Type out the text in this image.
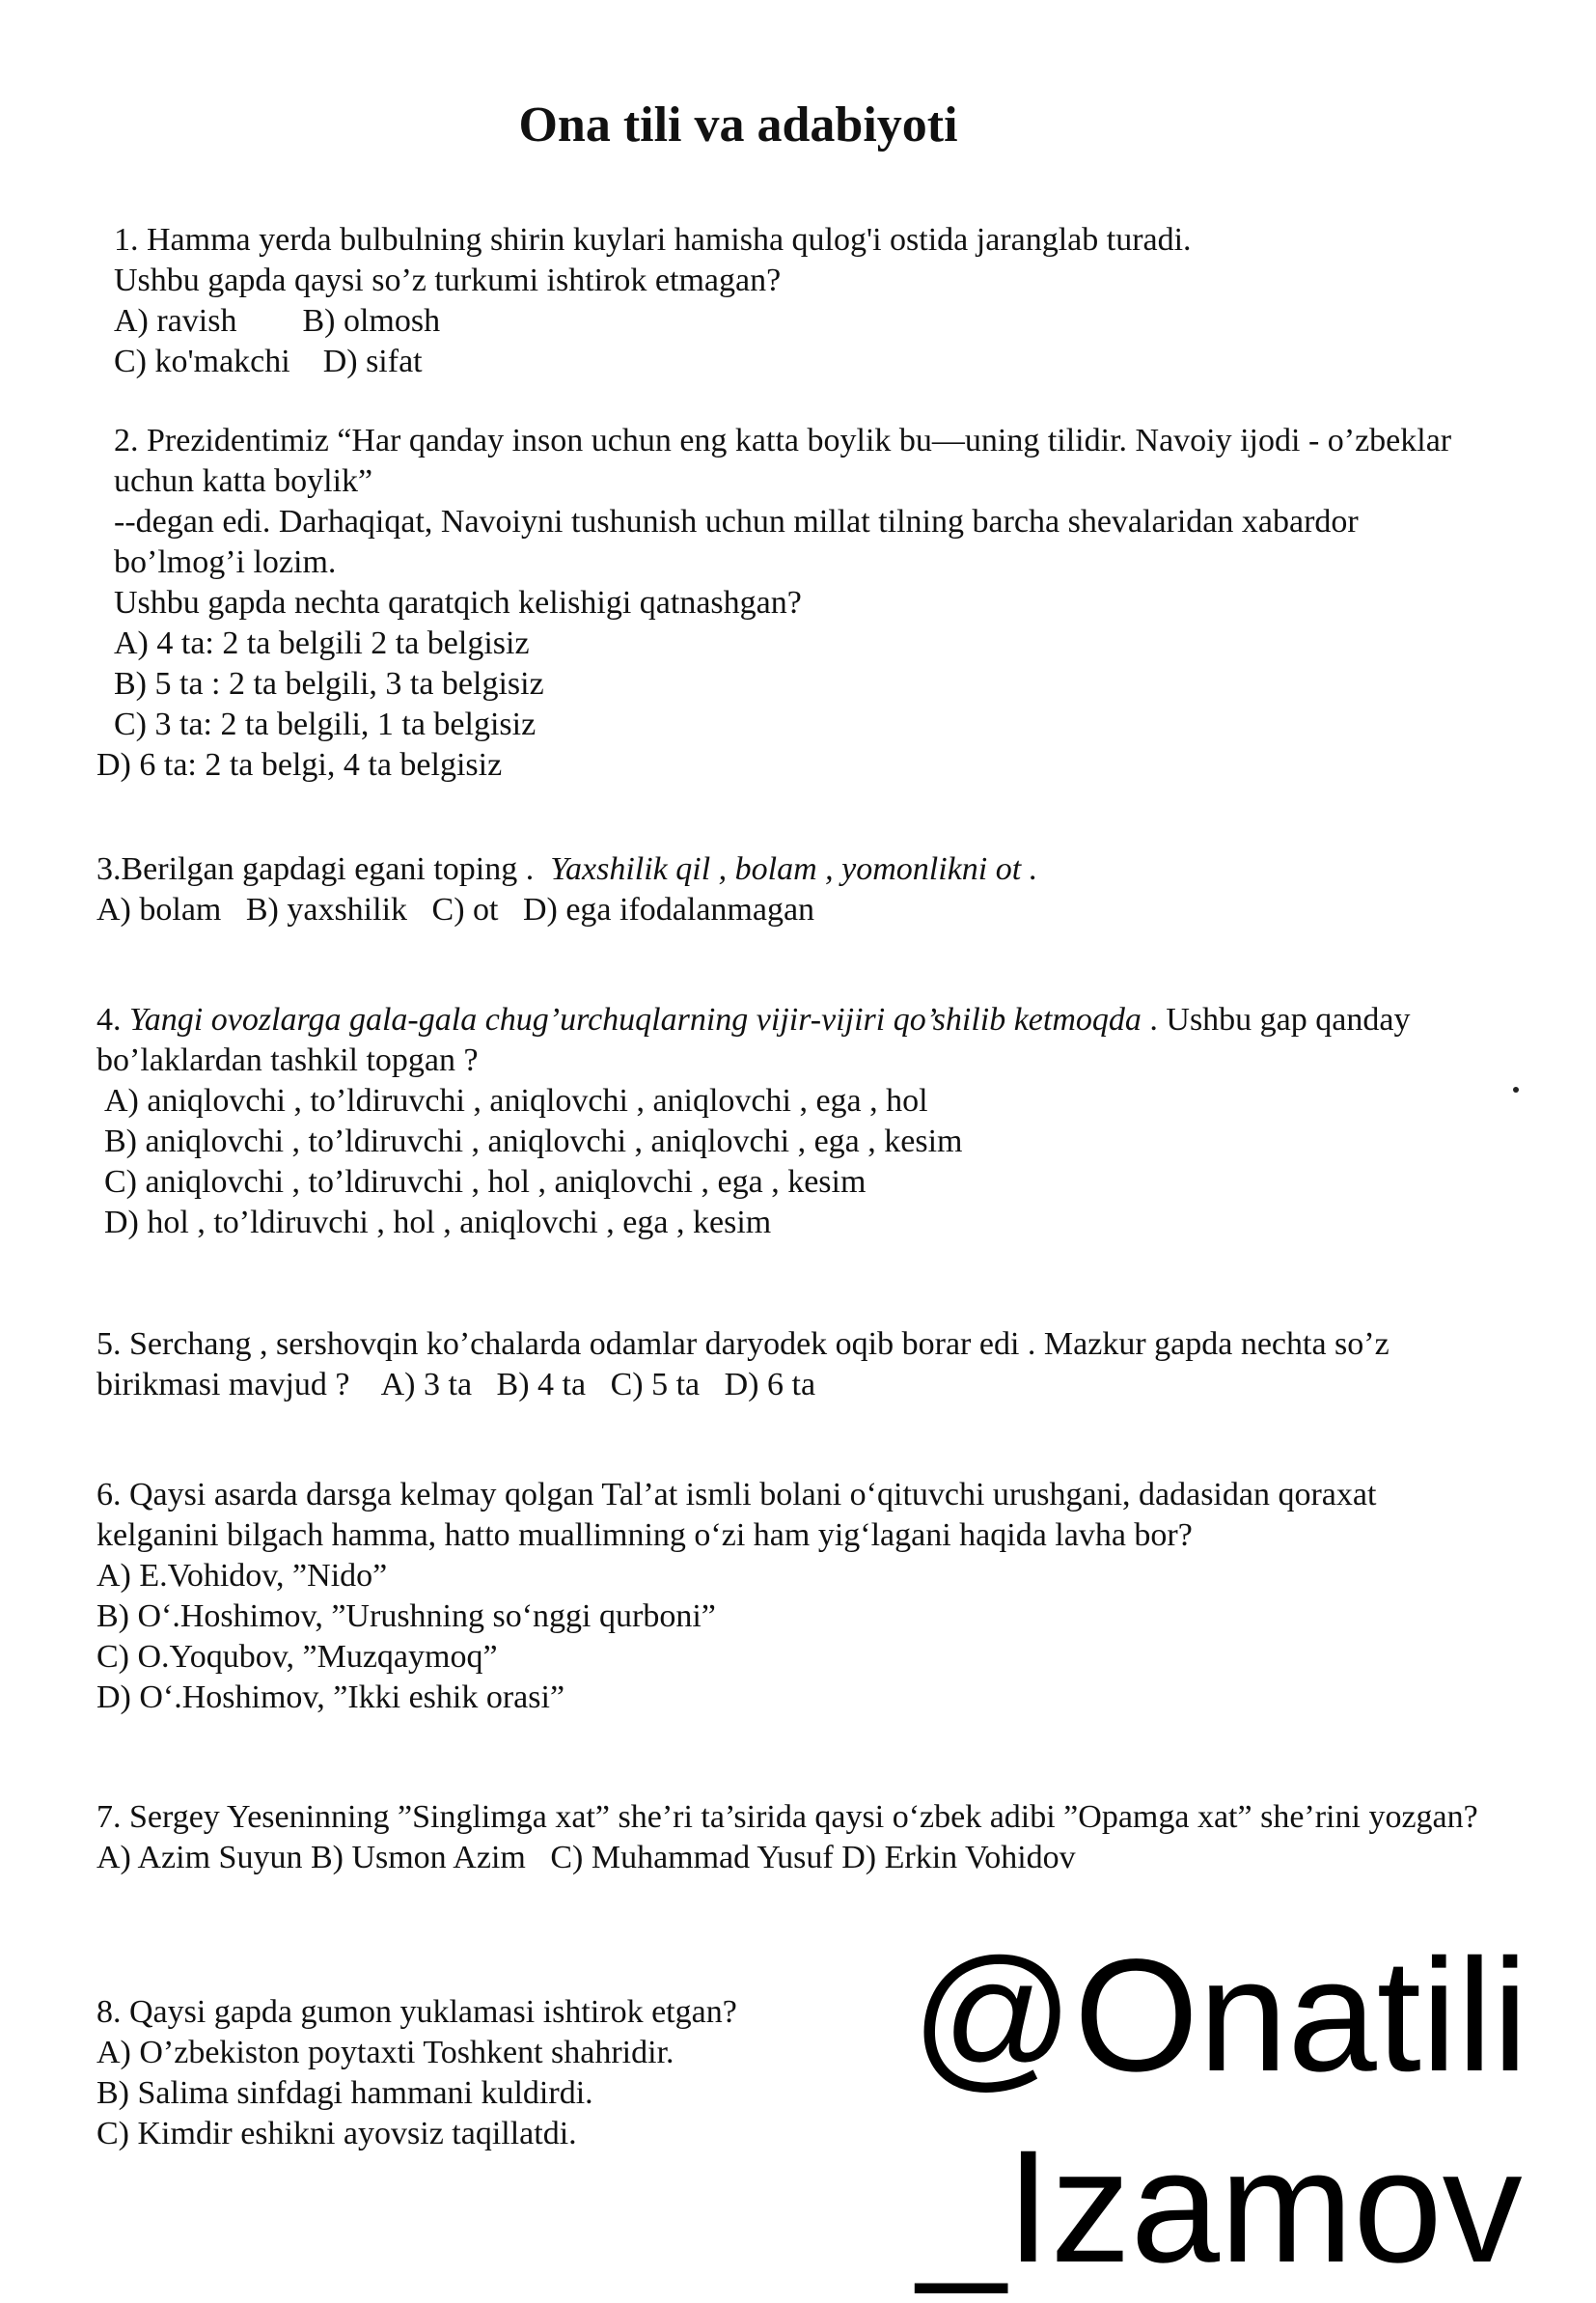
Ona tili va adabiyoti
1. Hamma yerda bulbulning shirin kuylari hamisha qulog'i ostida jaranglab turadi.
Ushbu gapda qaysi so’z turkumi ishtirok etmagan?
A) ravish        B) olmosh
C) ko'makchi    D) sifat
2. Prezidentimiz “Har qanday inson uchun eng katta boylik bu—uning tilidir. Navoiy ijodi - o’zbeklar uchun katta boylik”
--degan edi. Darhaqiqat, Navoiyni tushunish uchun millat tilning barcha shevalaridan xabardor bo’lmog’i lozim.
Ushbu gapda nechta qaratqich kelishigi qatnashgan?
A) 4 ta: 2 ta belgili 2 ta belgisiz
B) 5 ta : 2 ta belgili, 3 ta belgisiz
C) 3 ta: 2 ta belgili, 1 ta belgisiz
D) 6 ta: 2 ta belgi, 4 ta belgisiz
3.Berilgan gapdagi egani toping .  Yaxshilik qil , bolam , yomonlikni ot .
A) bolam   B) yaxshilik   C) ot   D) ega ifodalanmagan
4. Yangi ovozlarga gala-gala chug’urchuqlarning vijir-vijiri qo’shilib ketmoqda . Ushbu gap qanday bo’laklardan tashkil topgan ?
A) aniqlovchi , to’ldiruvchi , aniqlovchi , aniqlovchi , ega , hol
B) aniqlovchi , to’ldiruvchi , aniqlovchi , aniqlovchi , ega , kesim
C) aniqlovchi , to’ldiruvchi , hol , aniqlovchi , ega , kesim
D) hol , to’ldiruvchi , hol , aniqlovchi , ega , kesim
5. Serchang , sershovqin ko’chalarda odamlar daryodek oqib borar edi . Mazkur gapda nechta so’z birikmasi mavjud ?    A) 3 ta   B) 4 ta   C) 5 ta   D) 6 ta
6. Qaysi asarda darsga kelmay qolgan Tal’at ismli bolani o‘qituvchi urushgani, dadasidan qoraxat kelganini bilgach hamma, hatto muallimning o‘zi ham yig‘lagani haqida lavha bor?
A) E.Vohidov, ”Nido”
B) O‘.Hoshimov, ”Urushning so‘nggi qurboni”
C) O.Yoqubov, ”Muzqaymoq”
D) O‘.Hoshimov, ”Ikki eshik orasi”
7. Sergey Yeseninning ”Singlimga xat” she’ri ta’sirida qaysi o‘zbek adibi ”Opamga xat” she’rini yozgan?
A) Azim Suyun B) Usmon Azim   C) Muhammad Yusuf D) Erkin Vohidov
8. Qaysi gapda gumon yuklamasi ishtirok etgan?
A) O’zbekiston poytaxti Toshkent shahridir.
B) Salima sinfdagi hammani kuldirdi.
C) Kimdir eshikni ayovsiz taqillatdi.
@Onatili
_Izamov
